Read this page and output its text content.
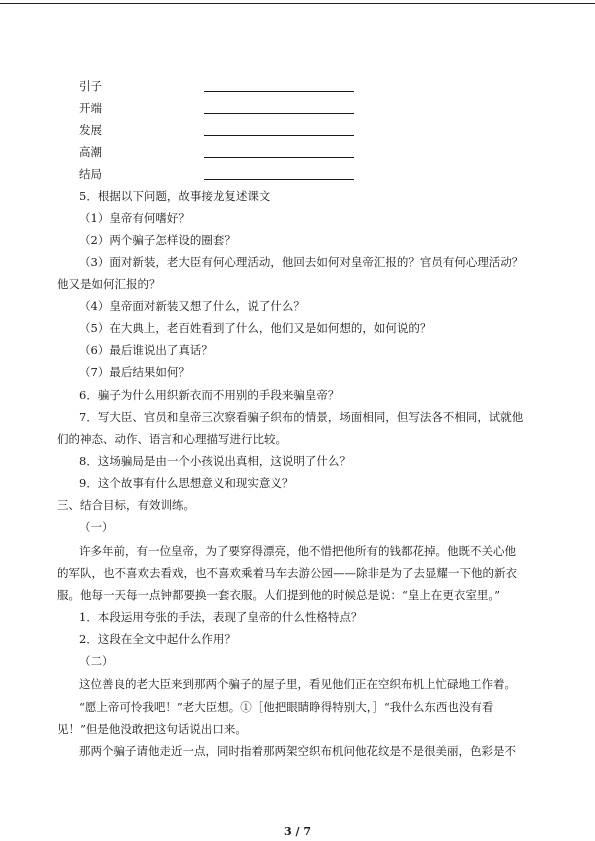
引子
开端
发展
高潮
结局
5．根据以下问题，故事接龙复述课文
（1）皇帝有何嗜好？
（2）两个骗子怎样设的圈套？
（3）面对新装，老大臣有何心理活动，他回去如何对皇帝汇报的？官员有何心理活动？
他又是如何汇报的？
（4）皇帝面对新装又想了什么，说了什么？
（5）在大典上，老百姓看到了什么，他们又是如何想的，如何说的？
（6）最后谁说出了真话？
（7）最后结果如何？
6．骗子为什么用织新衣而不用别的手段来骗皇帝？
7．写大臣、官员和皇帝三次察看骗子织布的情景，场面相同，但写法各不相同，试就他
们的神态、动作、语言和心理描写进行比较。
8．这场骗局是由一个小孩说出真相，这说明了什么？
9．这个故事有什么思想意义和现实意义？
三、结合目标，有效训练。
（一）
许多年前，有一位皇帝，为了要穿得漂亮，他不惜把他所有的钱都花掉。他既不关心他
的军队，也不喜欢去看戏，也不喜欢乘着马车去游公园——除非是为了去显耀一下他的新衣
服。他每一天每一点钟都要换一套衣服。人们提到他的时候总是说：“皇上在更衣室里。”
1．本段运用夸张的手法，表现了皇帝的什么性格特点？
2．这段在全文中起什么作用？
（二）
这位善良的老大臣来到那两个骗子的屋子里，看见他们正在空织布机上忙碌地工作着。
“愿上帝可怜我吧！”老大臣想。①［他把眼睛睁得特别大，］“我什么东西也没有看
见！”但是他没敢把这句话说出口来。
那两个骗子请他走近一点，同时指着那两架空织布机问他花纹是不是很美丽，色彩是不
3 / 7
